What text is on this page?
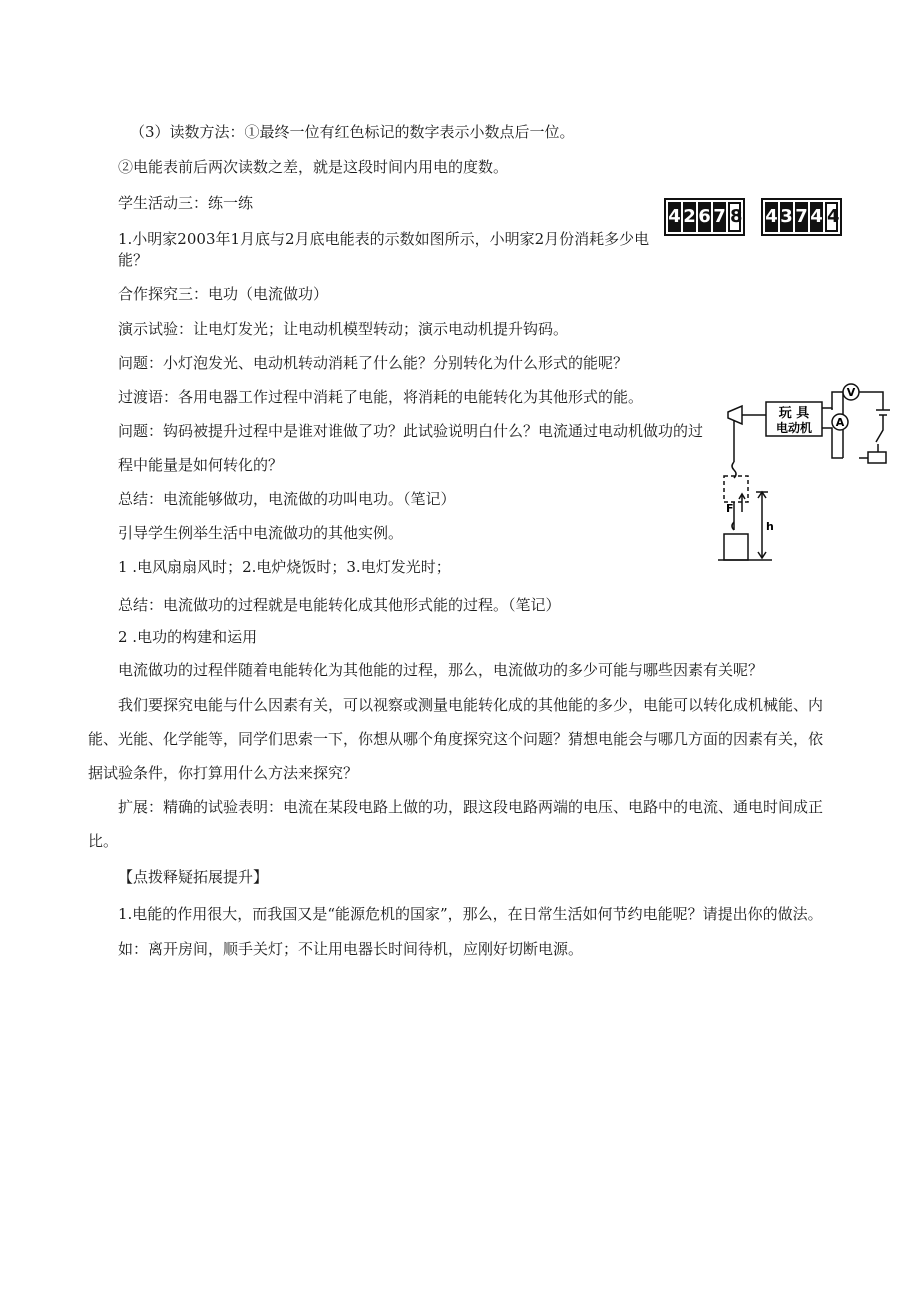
（3）读数方法：①最终一位有红色标记的数字表示小数点后一位。
②电能表前后两次读数之差，就是这段时间内用电的度数。
学生活动三：练一练
1.小明家2003年1月底与2月底电能表的示数如图所示，小明家2月份消耗多少电
能？
合作探究三：电功（电流做功）
演示试验：让电灯发光；让电动机模型转动；演示电动机提升钩码。
问题：小灯泡发光、电动机转动消耗了什么能？分别转化为什么形式的能呢？
过渡语：各用电器工作过程中消耗了电能，将消耗的电能转化为其他形式的能。
问题：钩码被提升过程中是谁对谁做了功？此试验说明白什么？电流通过电动机做功的过
程中能量是如何转化的？
总结：电流能够做功，电流做的功叫电功。（笔记）
引导学生例举生活中电流做功的其他实例。
1 .电风扇扇风时；2.电炉烧饭时；3.电灯发光时；
总结：电流做功的过程就是电能转化成其他形式能的过程。（笔记）
2 .电功的构建和运用
电流做功的过程伴随着电能转化为其他能的过程，那么，电流做功的多少可能与哪些因素有关呢？
我们要探究电能与什么因素有关，可以视察或测量电能转化成的其他能的多少，电能可以转化成机械能、内
能、光能、化学能等，同学们思索一下，你想从哪个角度探究这个问题？猜想电能会与哪几方面的因素有关，依
据试验条件，你打算用什么方法来探究？
扩展：精确的试验表明：电流在某段电路上做的功，跟这段电路两端的电压、电路中的电流、通电时间成正
比。
【点拨释疑拓展提升】
1.电能的作用很大，而我国又是“能源危机的国家”，那么，在日常生活如何节约电能呢？请提出你的做法。
如：离开房间，顺手关灯；不让用电器长时间待机，应刚好切断电源。
4 2 6 7 8 4 3 7 4 4
V
A
玩 具
电动机
F
h
